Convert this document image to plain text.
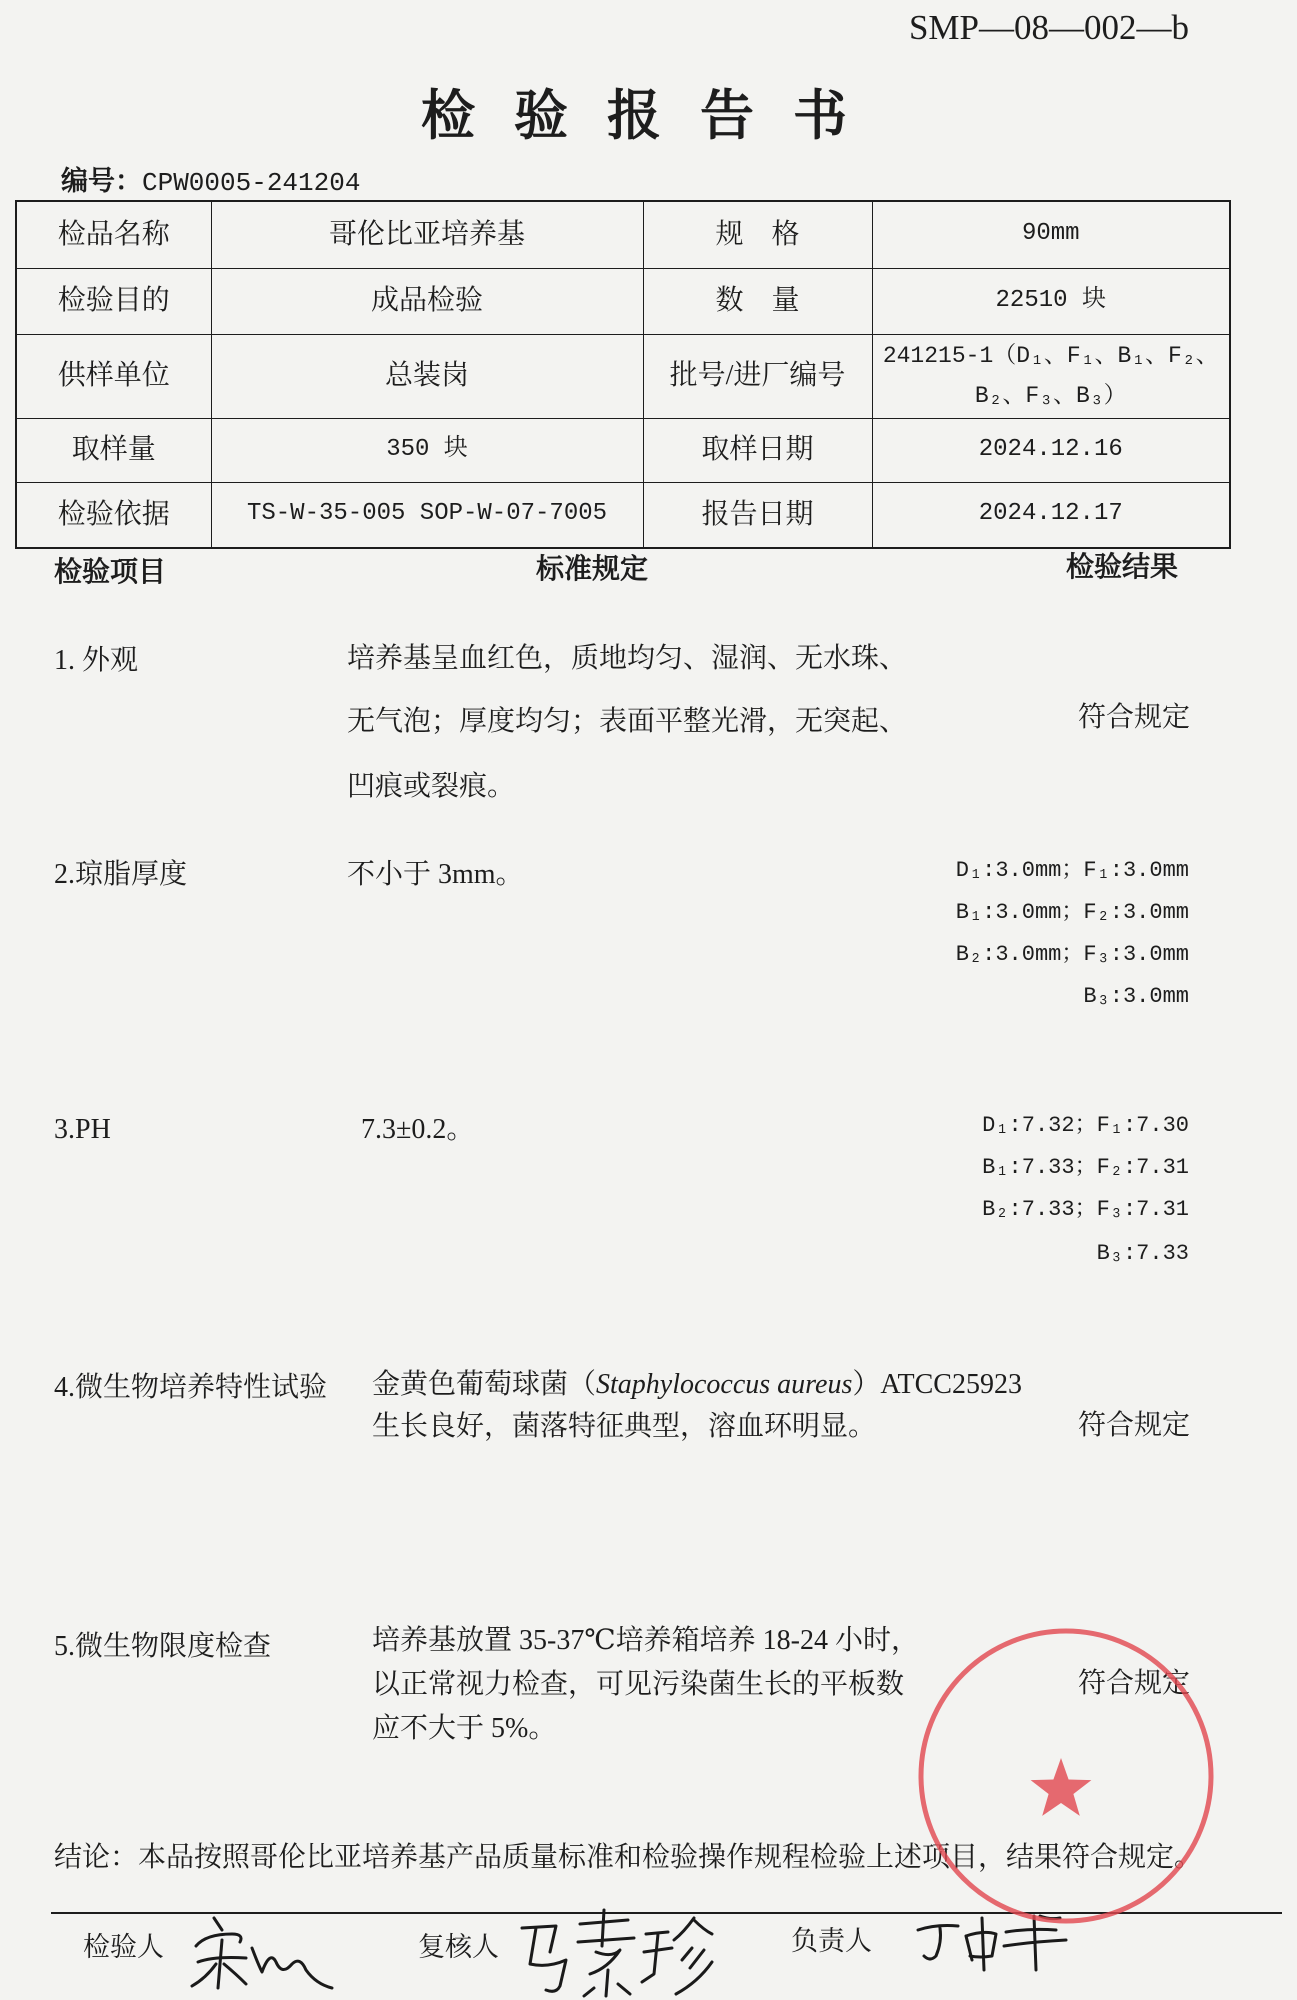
SMP—08—002—b
检验报告书
编号：CPW0005-241204
检品名称	哥伦比亚培养基	规格	90mm
检验目的	成品检验	数量	22510 块
供样单位	总装岗	批号/进厂编号	241215-1（D₁、F₁、B₁、F₂、
B₂、F₃、B₃）

取样量	350 块	取样日期	2024.12.16
检验依据	TS-W-35-005 SOP-W-07-7005	报告日期	2024.12.17
检验项目	标准规定	检验结果
1. 外观	培养基呈血红色，质地均匀、湿润、无水珠、
无气泡；厚度均匀；表面平整光滑，无突起、
凹痕或裂痕。
符合规定
2.琼脂厚度	不小于 3mm。	D₁:3.0mm；F₁:3.0mm
B₁:3.0mm；F₂:3.0mm
B₂:3.0mm；F₃:3.0mm
B₃:3.0mm
3.PH	7.3±0.2。	D₁:7.32；F₁:7.30
B₁:7.33；F₂:7.31
B₂:7.33；F₃:7.31
B₃:7.33
4.微生物培养特性试验 金黄色葡萄球菌（Staphylococcus aureus）ATCC25923
生长良好，菌落特征典型，溶血环明显。	符合规定
5.微生物限度检查	培养基放置 35-37℃培养箱培养 18-24 小时，
以正常视力检查，可见污染菌生长的平板数
应不大于 5%。
符合规定
结论：本品按照哥伦比亚培养基产品质量标准和检验操作规程检验上述项目，结果符合规定。
检验人	复核人	负责人
